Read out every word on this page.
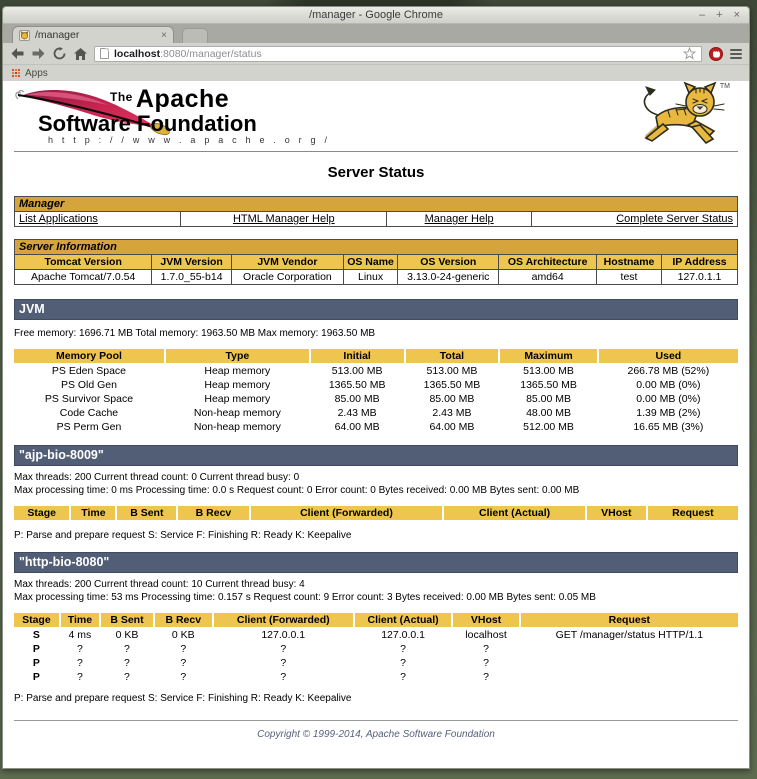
/manager - Google Chrome	– + ×
/manager	×
localhost:8080/manager/status
Apps
The Apache
Software Foundation
h t t p : / / w w w . a p a c h e . o r g /
TM
Server Status
Manager
List Applications	HTML Manager Help	Manager Help	Complete Server Status
Server Information							
Tomcat Version	JVM Version	JVM Vendor	OS Name	OS Version	OS Architecture	Hostname	IP Address
Apache Tomcat/7.0.54	1.7.0_55-b14	Oracle Corporation	Linux	3.13.0-24-generic	amd64	test	127.0.1.1
JVM
Free memory: 1696.71 MB Total memory: 1963.50 MB Max memory: 1963.50 MB
Memory Pool	Type	Initial	Total	Maximum	Used
PS Eden Space	Heap memory	513.00 MB	513.00 MB	513.00 MB	266.78 MB (52%)
PS Old Gen	Heap memory	1365.50 MB	1365.50 MB	1365.50 MB	0.00 MB (0%)
PS Survivor Space	Heap memory	85.00 MB	85.00 MB	85.00 MB	0.00 MB (0%)
Code Cache	Non-heap memory	2.43 MB	2.43 MB	48.00 MB	1.39 MB (2%)
PS Perm Gen	Non-heap memory	64.00 MB	64.00 MB	512.00 MB	16.65 MB (3%)
"ajp-bio-8009"
Max threads: 200 Current thread count: 0 Current thread busy: 0
Max processing time: 0 ms Processing time: 0.0 s Request count: 0 Error count: 0 Bytes received: 0.00 MB Bytes sent: 0.00 MB
Stage	Time	B Sent	B Recv	Client (Forwarded)	Client (Actual)	VHost	Request
P: Parse and prepare request S: Service F: Finishing R: Ready K: Keepalive
"http-bio-8080"
Max threads: 200 Current thread count: 10 Current thread busy: 4
Max processing time: 53 ms Processing time: 0.157 s Request count: 9 Error count: 3 Bytes received: 0.00 MB Bytes sent: 0.05 MB
Stage	Time	B Sent	B Recv	Client (Forwarded)	Client (Actual)	VHost	Request
S	4 ms	0 KB	0 KB	127.0.0.1	127.0.0.1	localhost	GET /manager/status HTTP/1.1
P	?	?	?	?	?	?	
P	?	?	?	?	?	?	
P	?	?	?	?	?	?	
P: Parse and prepare request S: Service F: Finishing R: Ready K: Keepalive
Copyright © 1999-2014, Apache Software Foundation
